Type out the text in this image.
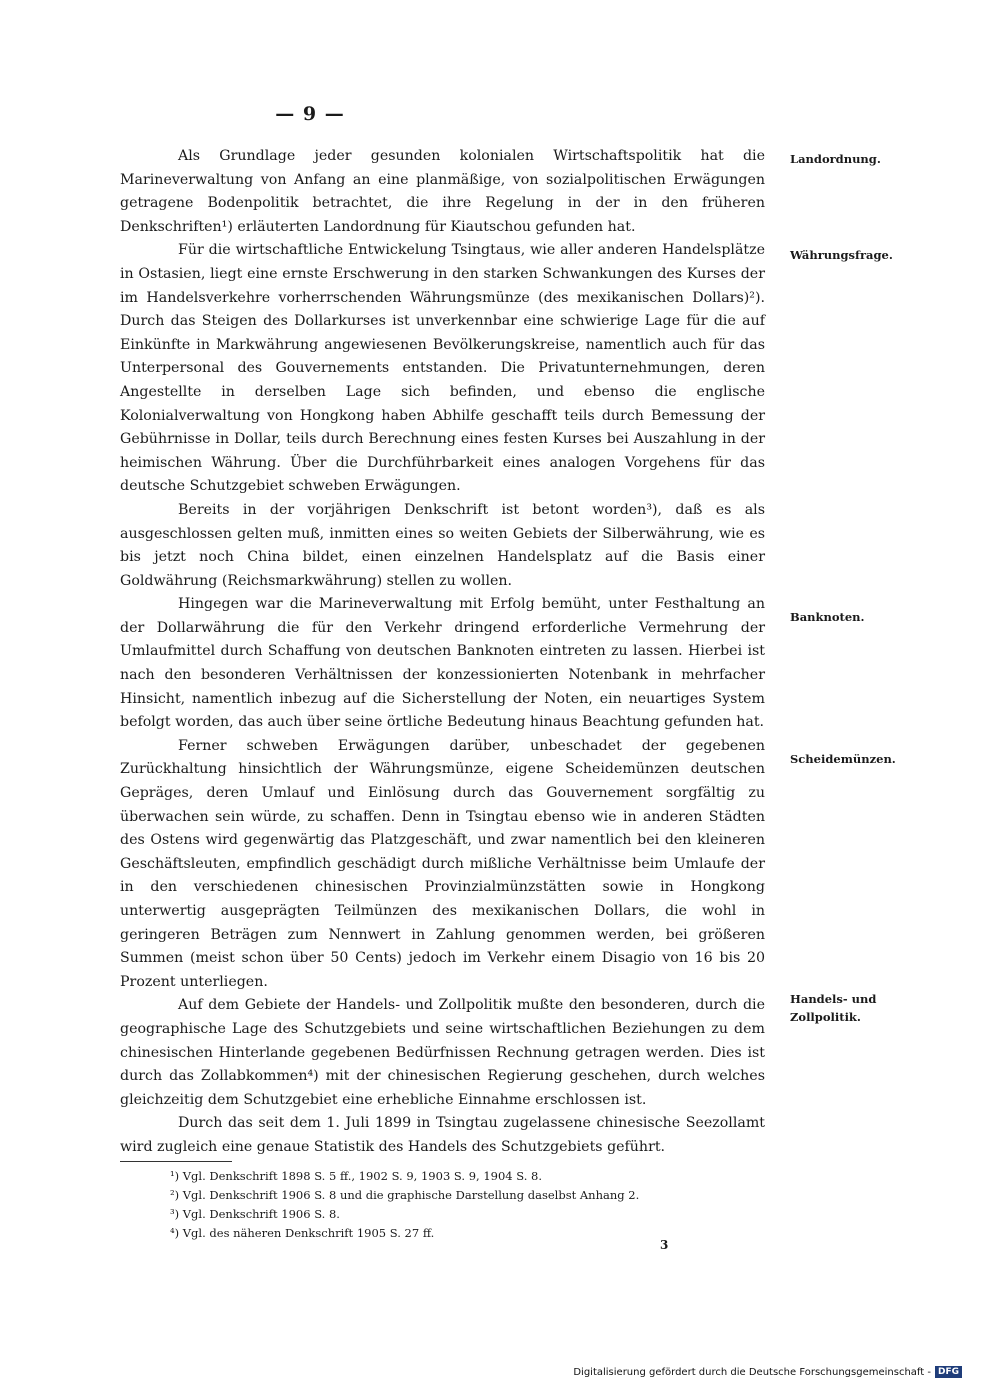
— 9 —

Als Grundlage jeder gesunden kolonialen Wirtschaftspolitik hat die Marineverwaltung von Anfang an eine planmäßige, von sozialpolitischen Erwägungen getragene Bodenpolitik betrachtet, die ihre Regelung in der in den früheren Denkschriften¹) erläuterten Landordnung für Kiautschou gefunden hat.

Für die wirtschaftliche Entwickelung Tsingtaus, wie aller anderen Handelsplätze in Ostasien, liegt eine ernste Erschwerung in den starken Schwankungen des Kurses der im Handelsverkehre vorherrschenden Währungsmünze (des mexikanischen Dollars)²). Durch das Steigen des Dollarkurses ist unverkennbar eine schwierige Lage für die auf Einkünfte in Markwährung angewiesenen Bevölkerungskreise, namentlich auch für das Unterpersonal des Gouvernements entstanden. Die Privatunternehmungen, deren Angestellte in derselben Lage sich befinden, und ebenso die englische Kolonialverwaltung von Hongkong haben Abhilfe geschafft teils durch Bemessung der Gebührnisse in Dollar, teils durch Berechnung eines festen Kurses bei Auszahlung in der heimischen Währung. Über die Durchführbarkeit eines analogen Vorgehens für das deutsche Schutzgebiet schweben Erwägungen.

Bereits in der vorjährigen Denkschrift ist betont worden³), daß es als ausgeschlossen gelten muß, inmitten eines so weiten Gebiets der Silberwährung, wie es bis jetzt noch China bildet, einen einzelnen Handelsplatz auf die Basis einer Goldwährung (Reichsmarkwährung) stellen zu wollen.

Hingegen war die Marineverwaltung mit Erfolg bemüht, unter Festhaltung an der Dollarwährung die für den Verkehr dringend erforderliche Vermehrung der Umlaufmittel durch Schaffung von deutschen Banknoten eintreten zu lassen. Hierbei ist nach den besonderen Verhältnissen der konzessionierten Notenbank in mehrfacher Hinsicht, namentlich inbezug auf die Sicherstellung der Noten, ein neuartiges System befolgt worden, das auch über seine örtliche Bedeutung hinaus Beachtung gefunden hat.

Ferner schweben Erwägungen darüber, unbeschadet der gegebenen Zurückhaltung hinsichtlich der Währungsmünze, eigene Scheidemünzen deutschen Gepräges, deren Umlauf und Einlösung durch das Gouvernement sorgfältig zu überwachen sein würde, zu schaffen. Denn in Tsingtau ebenso wie in anderen Städten des Ostens wird gegenwärtig das Platzgeschäft, und zwar namentlich bei den kleineren Geschäftsleuten, empfindlich geschädigt durch mißliche Verhältnisse beim Umlaufe der in den verschiedenen chinesischen Provinzialmünzstätten sowie in Hongkong unterwertig ausgeprägten Teilmünzen des mexikanischen Dollars, die wohl in geringeren Beträgen zum Nennwert in Zahlung genommen werden, bei größeren Summen (meist schon über 50 Cents) jedoch im Verkehr einem Disagio von 16 bis 20 Prozent unterliegen.

Auf dem Gebiete der Handels- und Zollpolitik mußte den besonderen, durch die geographische Lage des Schutzgebiets und seine wirtschaftlichen Beziehungen zu dem chinesischen Hinterlande gegebenen Bedürfnissen Rechnung getragen werden. Dies ist durch das Zollabkommen⁴) mit der chinesischen Regierung geschehen, durch welches gleichzeitig dem Schutzgebiet eine erhebliche Einnahme erschlossen ist.

Durch das seit dem 1. Juli 1899 in Tsingtau zugelassene chinesische Seezollamt wird zugleich eine genaue Statistik des Handels des Schutzgebiets geführt.

Landordnung.
Währungsfrage.
Banknoten.
Scheidemünzen.
Handels- und Zollpolitik.
¹) Vgl. Denkschrift 1898 S. 5 ff., 1902 S. 9, 1903 S. 9, 1904 S. 8.
²) Vgl. Denkschrift 1906 S. 8 und die graphische Darstellung daselbst Anhang 2.
³) Vgl. Denkschrift 1906 S. 8.
⁴) Vgl. des näheren Denkschrift 1905 S. 27 ff.
3
Digitalisierung gefördert durch die Deutsche Forschungsgemeinschaft - DFG
